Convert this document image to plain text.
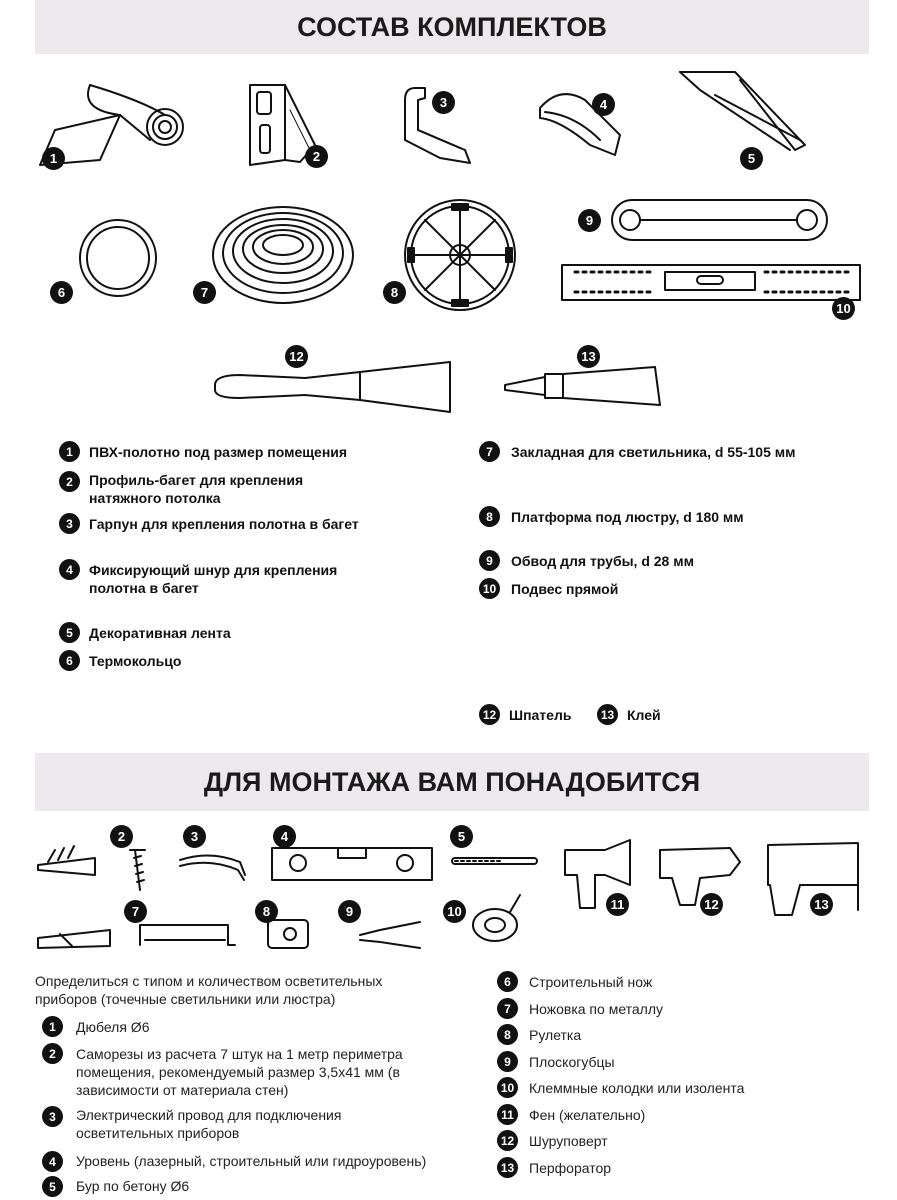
СОСТАВ КОМПЛЕКТОВ
ДЛЯ МОНТАЖА ВАМ ПОНАДОБИТСЯ
1	2
3	4
5
6	7	8
9
10
12	13
1	ПВХ-полотно под размер помещения
2	Профиль-багет для крепления натяжного потолка
3	Гарпун для крепления полотна в багет
4	Фиксирующий шнур для крепления полотна в багет
5	Декоративная лента
6	Термокольцо
7	Закладная для светильника, d 55-105 мм
8	Платформа под люстру, d 180 мм
9	Обвод для трубы, d 28 мм
10 Подвес прямой
12 Шпатель	13 Клей
2	3	4	5
7	8	9	10	11	12	13
Определиться с типом и количеством осветительных приборов (точечные светильники или люстра)
1	Дюбеля Ø6
2	Саморезы из расчета 7 штук на 1 метр периметра помещения, рекомендуемый размер 3,5x41 мм (в зависимости от материала стен)
3	Электрический провод для подключения осветительных приборов
4	Уровень (лазерный, строительный или гидроуровень)
5	Бур по бетону Ø6
6	Строительный нож
7	Ножовка по металлу
8	Рулетка
9	Плоскогубцы
10 Клеммные колодки или изолента
11 Фен (желательно)
12 Шуруповерт
13 Перфоратор
